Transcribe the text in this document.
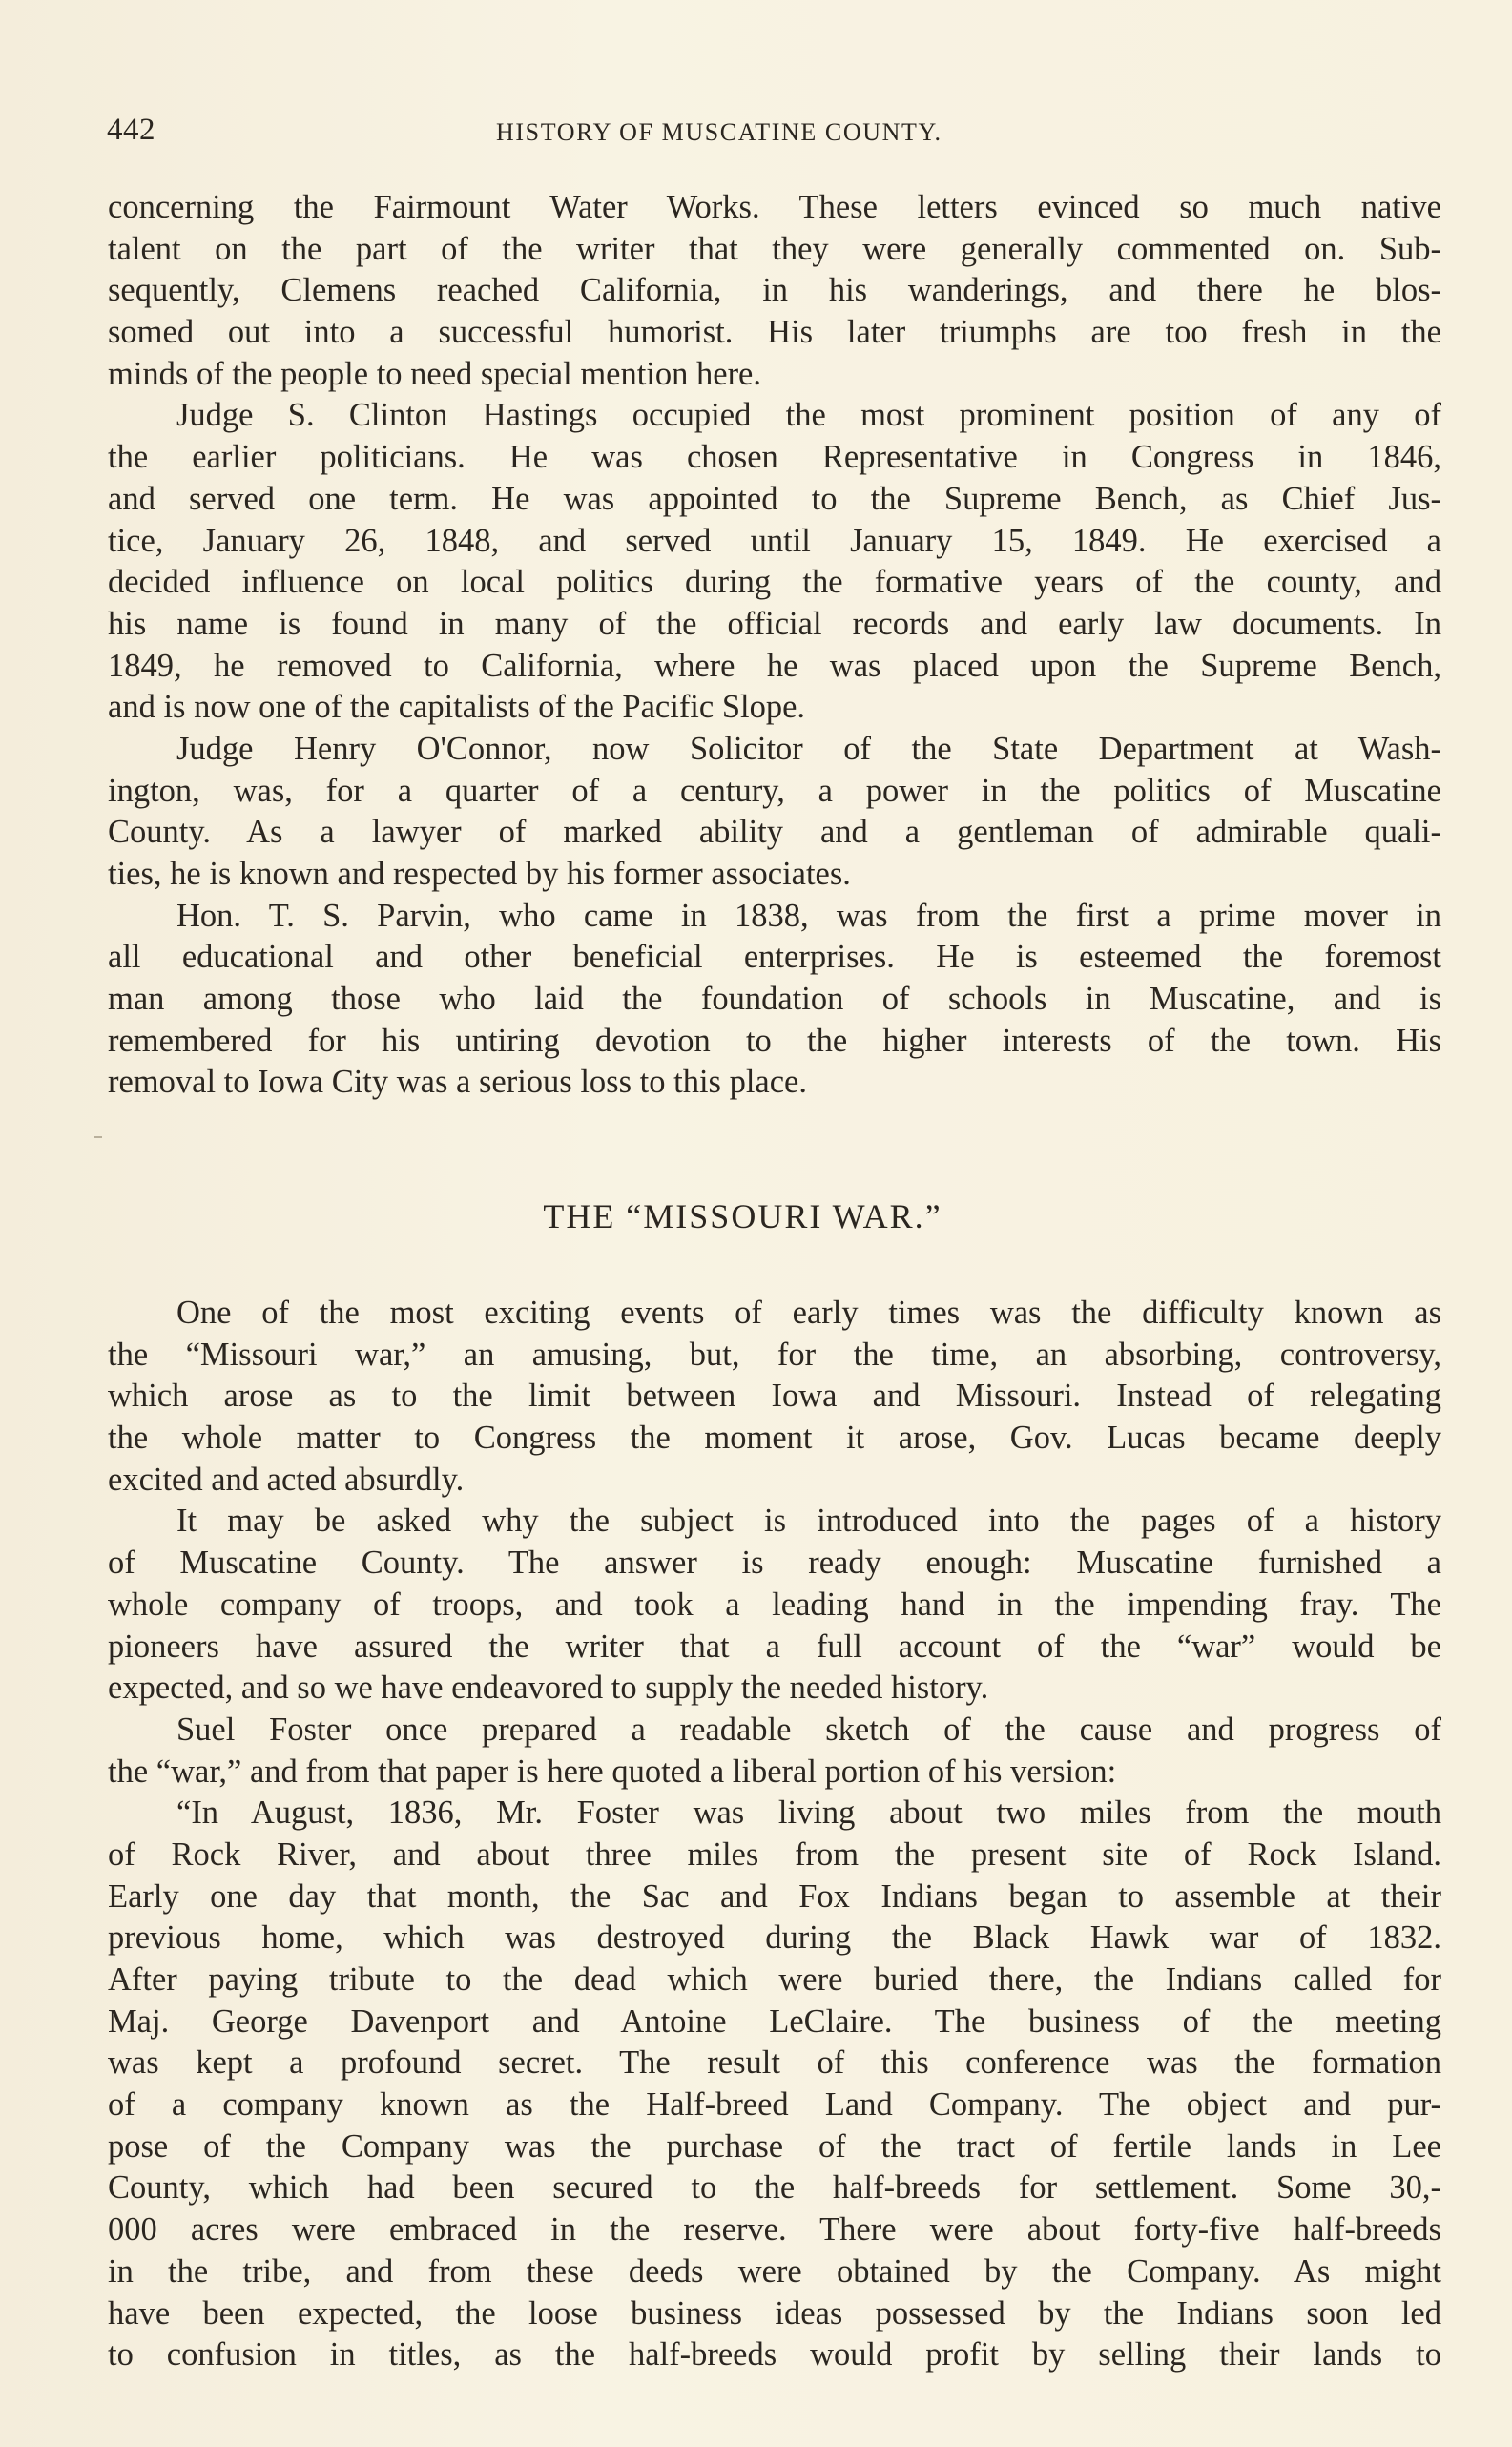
442	HISTORY OF MUSCATINE COUNTY.
concerning the Fairmount Water Works. These letters evinced so much native
talent on the part of the writer that they were generally commented on. Sub-
sequently, Clemens reached California, in his wanderings, and there he blos-
somed out into a successful humorist. His later triumphs are too fresh in the
minds of the people to need special mention here.
Judge S. Clinton Hastings occupied the most prominent position of any of
the earlier politicians. He was chosen Representative in Congress in 1846,
and served one term. He was appointed to the Supreme Bench, as Chief Jus-
tice, January 26, 1848, and served until January 15, 1849. He exercised a
decided influence on local politics during the formative years of the county, and
his name is found in many of the official records and early law documents. In
1849, he removed to California, where he was placed upon the Supreme Bench,
and is now one of the capitalists of the Pacific Slope.
Judge Henry O'Connor, now Solicitor of the State Department at Wash-
ington, was, for a quarter of a century, a power in the politics of Muscatine
County. As a lawyer of marked ability and a gentleman of admirable quali-
ties, he is known and respected by his former associates.
Hon. T. S. Parvin, who came in 1838, was from the first a prime mover in
all educational and other beneficial enterprises. He is esteemed the foremost
man among those who laid the foundation of schools in Muscatine, and is
remembered for his untiring devotion to the higher interests of the town. His
removal to Iowa City was a serious loss to this place.
THE “MISSOURI WAR.”
One of the most exciting events of early times was the difficulty known as
the “Missouri war,” an amusing, but, for the time, an absorbing, controversy,
which arose as to the limit between Iowa and Missouri. Instead of relegating
the whole matter to Congress the moment it arose, Gov. Lucas became deeply
excited and acted absurdly.
It may be asked why the subject is introduced into the pages of a history
of Muscatine County. The answer is ready enough: Muscatine furnished a
whole company of troops, and took a leading hand in the impending fray. The
pioneers have assured the writer that a full account of the “war” would be
expected, and so we have endeavored to supply the needed history.
Suel Foster once prepared a readable sketch of the cause and progress of
the “war,” and from that paper is here quoted a liberal portion of his version:
“In August, 1836, Mr. Foster was living about two miles from the mouth
of Rock River, and about three miles from the present site of Rock Island.
Early one day that month, the Sac and Fox Indians began to assemble at their
previous home, which was destroyed during the Black Hawk war of 1832.
After paying tribute to the dead which were buried there, the Indians called for
Maj. George Davenport and Antoine LeClaire. The business of the meeting
was kept a profound secret. The result of this conference was the formation
of a company known as the Half-breed Land Company. The object and pur-
pose of the Company was the purchase of the tract of fertile lands in Lee
County, which had been secured to the half-breeds for settlement. Some 30,-
000 acres were embraced in the reserve. There were about forty-five half-breeds
in the tribe, and from these deeds were obtained by the Company. As might
have been expected, the loose business ideas possessed by the Indians soon led
to confusion in titles, as the half-breeds would profit by selling their lands to
